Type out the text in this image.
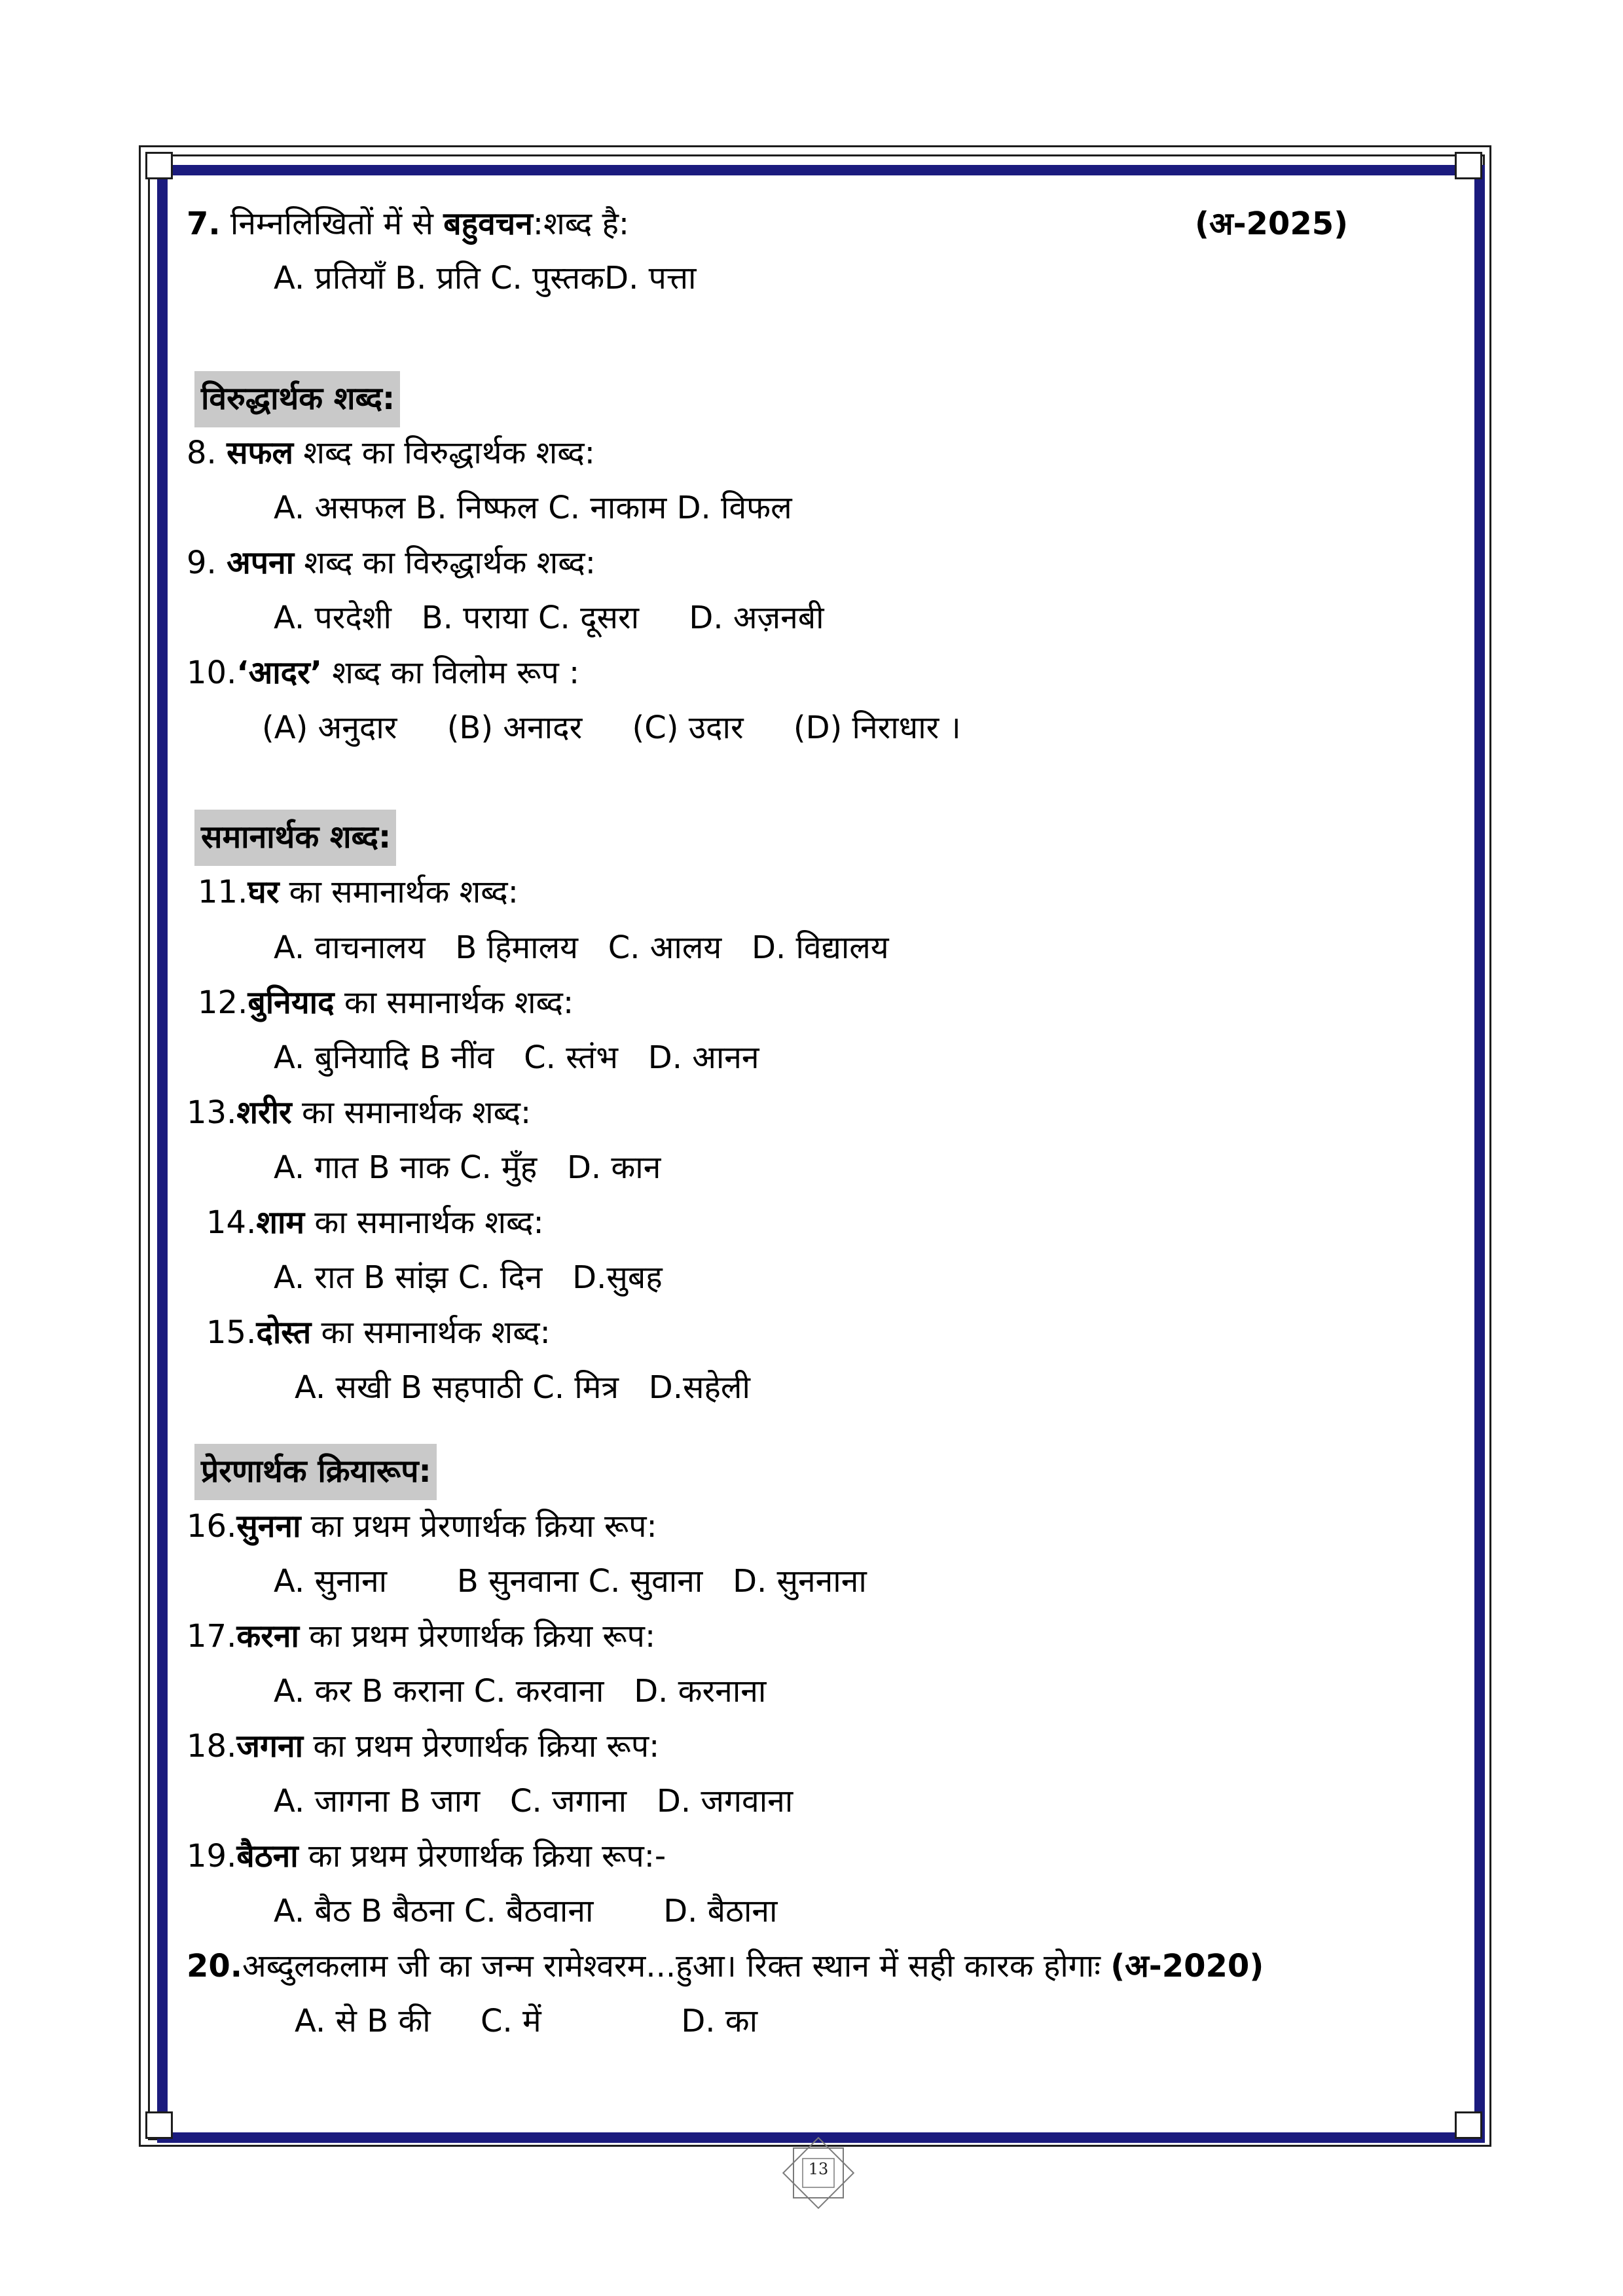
7. निम्नलिखितों में से बहुवचन:शब्द है:	(अ-2025)
A. प्रतियाँ B. प्रति C. पुस्तकD. पत्ता
विरुद्धार्थक शब्द:
8. सफल शब्द का विरुद्धार्थक शब्द:
A. असफल B. निष्फल C. नाकाम D. विफल
9. अपना शब्द का विरुद्धार्थक शब्द:
A. परदेशी   B. पराया C. दूसरा     D. अज़नबी
10.‘आदर’ शब्द का विलोम रूप :
(A) अनुदार     (B) अनादर     (C) उदार     (D) निराधार ।
समानार्थक शब्द:
11.घर का समानार्थक शब्द:
A. वाचनालय   B हिमालय   C. आलय   D. विद्यालय
12.बुनियाद का समानार्थक शब्द:
A. बुनियादि B नींव   C. स्तंभ   D. आनन
13.शरीर का समानार्थक शब्द:
A. गात B नाक C. मुँह   D. कान
14.शाम का समानार्थक शब्द:
A. रात B सांझ C. दिन   D.सुबह
15.दोस्त का समानार्थक शब्द:
A. सखी B सहपाठी C. मित्र   D.सहेली
प्रेरणार्थक क्रियारूप:
16.सुनना का प्रथम प्रेरणार्थक क्रिया रूप:
A. सुनाना       B सुनवाना C. सुवाना   D. सुननाना
17.करना का प्रथम प्रेरणार्थक क्रिया रूप:
A. कर B कराना C. करवाना   D. करनाना
18.जगना का प्रथम प्रेरणार्थक क्रिया रूप:
A. जागना B जाग   C. जगाना   D. जगवाना
19.बैठना का प्रथम प्रेरणार्थक क्रिया रूप:-
A. बैठ B बैठना C. बैठवाना       D. बैठाना
20.अब्दुलकलाम जी का जन्म रामेश्वरम...हुआ। रिक्त स्थान में सही कारक होगाः (अ-2020)
A. से B की     C. में              D. का
13
